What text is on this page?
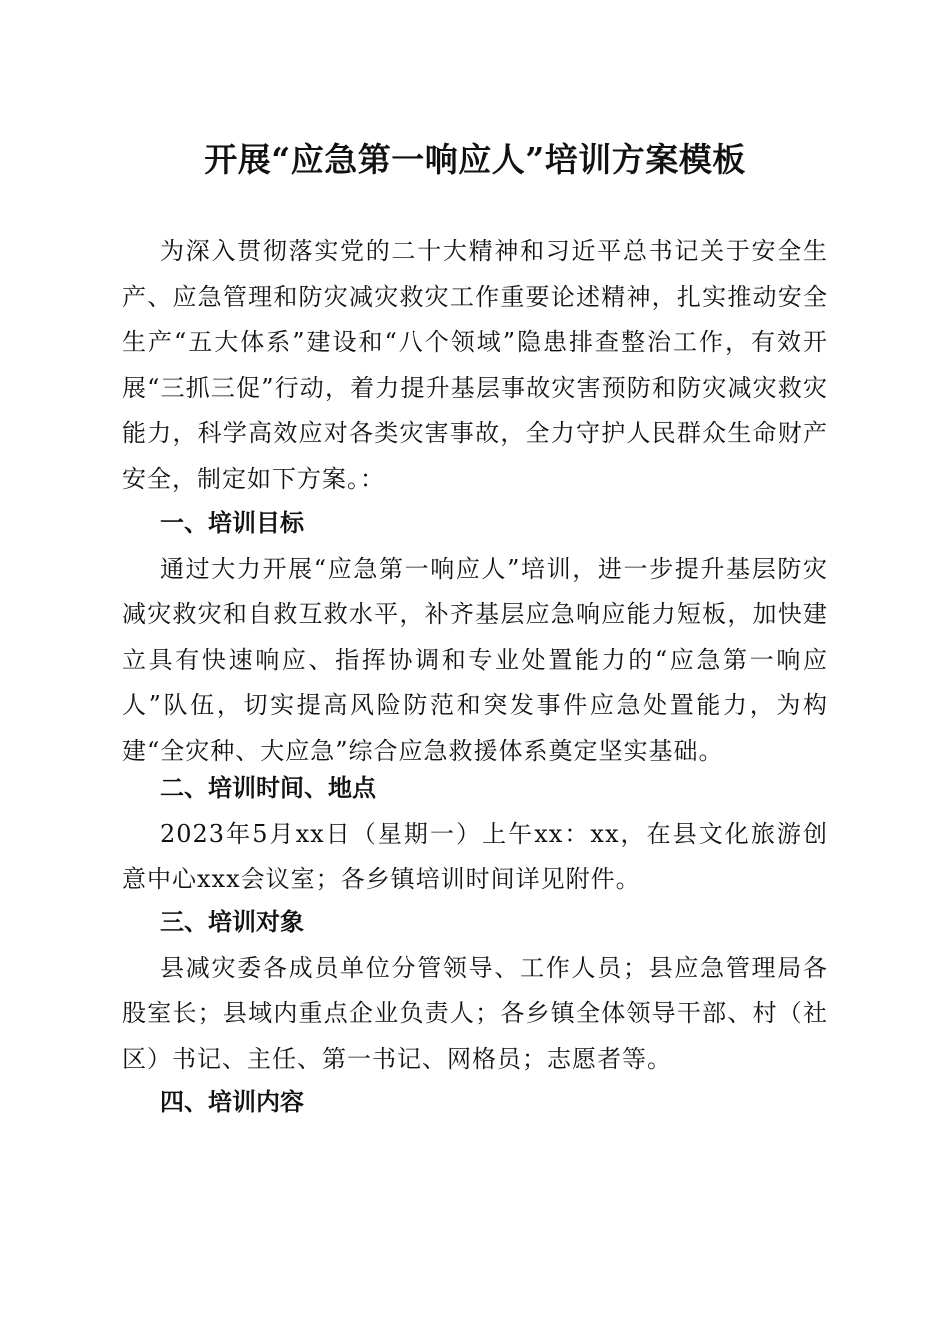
开展“应急第一响应人”培训方案模板

为深入贯彻落实党的二十大精神和习近平总书记关于安全生产、应急管理和防灾减灾救灾工作重要论述精神，扎实推动安全生产“五大体系”建设和“八个领域”隐患排查整治工作，有效开展“三抓三促”行动，着力提升基层事故灾害预防和防灾减灾救灾能力，科学高效应对各类灾害事故，全力守护人民群众生命财产安全，制定如下方案。：

一、培训目标

通过大力开展“应急第一响应人”培训，进一步提升基层防灾减灾救灾和自救互救水平，补齐基层应急响应能力短板，加快建立具有快速响应、指挥协调和专业处置能力的“应急第一响应人”队伍，切实提高风险防范和突发事件应急处置能力，为构建“全灾种、大应急”综合应急救援体系奠定坚实基础。

二、培训时间、地点

2023年5月xx日（星期一）上午xx：xx，在县文化旅游创意中心xxx会议室；各乡镇培训时间详见附件。

三、培训对象

县减灾委各成员单位分管领导、工作人员；县应急管理局各股室长；县域内重点企业负责人；各乡镇全体领导干部、村（社区）书记、主任、第一书记、网格员；志愿者等。

四、培训内容
